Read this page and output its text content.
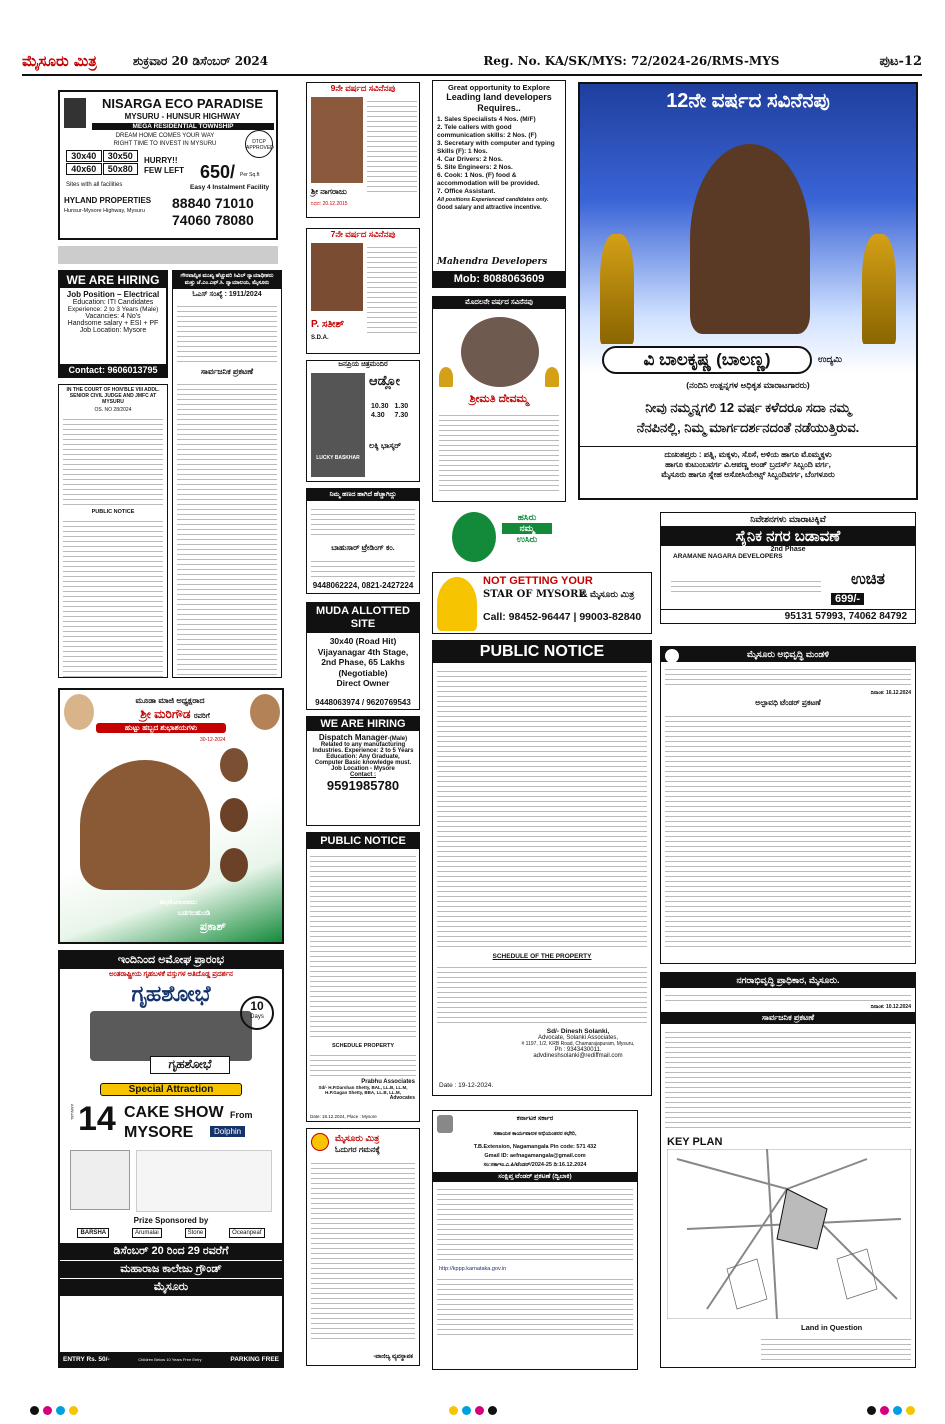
ಮೈಸೂರು ಮಿತ್ರ	ಶುಕ್ರವಾರ 20 ಡಿಸೆಂಬರ್ 2024	Reg. No. KA/SK/MYS: 72/2024-26/RMS-MYS	ಪುಟ-12
NISARGA ECO PARADISE
MYSURU - HUNSUR HIGHWAY
MEGA RESIDENTIAL TOWNSHIP
DREAM HOME COMES YOUR WAY
RIGHT TIME TO INVEST IN MYSURU	DTCP APPROVED
30x40	30x50
40x60	50x80
Sites with all facilities
HURRY!! FEW LEFT 650/ Per Sq.ft
Easy 4 Instalment Facility
HYLAND PROPERTIES
Hunsur-Mysore Highway, Mysuru 88840 71010
74060 78080
WE ARE HIRING
Job Position – Electrical
Education: ITI Candidates
Experience: 2 to 3 Years (Male)
Vacancies: 4 No's
Handsome salary + ESI + PF
Job Location: Mysore
Contact: 9606013795
IN THE COURT OF HON'BLE VIII ADDL. SENIOR CIVIL JUDGE AND JMFC AT MYSURU
OS. NO 28/2024
PUBLIC NOTICE
ಗೌರವಾನ್ವಿತ ಮುಖ್ಯ ಹೆಚ್ಚುವರಿ ಸಿವಿಲ್ ನ್ಯಾಯಾಧೀಶರು ಮತ್ತು ಜೆ.ಎಂ.ಎಫ್.ಸಿ. ನ್ಯಾಯಾಲಯ, ಮೈಸೂರು
ಓಎಸ್ ಸಂಖ್ಯೆ : 1911/2024
ಸಾರ್ವಜನಿಕ ಪ್ರಕಟಣೆ
ಮೂಡಾ ಮಾಜಿ ಅಧ್ಯಕ್ಷರಾದ
ಶ್ರೀ ಮರಿಗೌಡ ರವರಿಗೆ
ಹುಟ್ಟು ಹಬ್ಬದ ಶುಭಾಶಯಗಳು
30-12-2024
ಶುಭಕೋರುವವರು:
ಬಡಗಲಹುಂಡಿ
ಪ್ರಕಾಶ್
ಇಂದಿನಿಂದ ಅಮೋಘ ಪ್ರಾರಂಭ
ಅಂತರಾಷ್ಟ್ರೀಯ ಗೃಹಬಳಕೆ ವಸ್ತುಗಳ ಅತಿದೊಡ್ಡ ಪ್ರದರ್ಶನ
ಗೃಹಶೋಭೆ	10
Days
ಗೃಹಶೋಭೆ
Special Attraction
14
ANNUAL	CAKE SHOW From
MYSORE	Dolphin
Prize Sponsored by
BARSHA	Arumalai	Stone	Oceanpeaf
ಡಿಸೆಂಬರ್ 20 ರಿಂದ 29 ರವರೆಗೆ
ಮಹಾರಾಜ ಕಾಲೇಜು ಗ್ರೌಂಡ್
ಮೈಸೂರು
ENTRY Rs. 50/-	Children Below 10 Years Free Entry	PARKING FREE
9ನೇ ವರ್ಷದ ಸವಿನೆನಪು
ಶ್ರೀ ನಾಗರಾಜು
ನಿಧನ: 20.12.2015
7ನೇ ವರ್ಷದ ಸವಿನೆನಪು
P. ಸತೀಶ್
S.D.A.
ಜನಪ್ರಿಯ ಚಿತ್ರಮಂದಿರ
LUCKY BASKHAR
ಆಡ್ಲೋ
10.30 1.30
4.30	7.30
ಲಕ್ಕಿ ಭಾಸ್ಕರ್
ನಿಮ್ಮ ಹಣದ ಹಾಗಿದೆ ಹೆಚ್ಚಾಗಿದ್ದು
ಬಾಹುಸಾರ್ ಟ್ರೇಡಿಂಗ್ ಕಂ.
9448062224, 0821-2427224
MUDA ALLOTTED SITE
30x40 (Road Hit)
Vijayanagar 4th Stage,
2nd Phase, 65 Lakhs
(Negotiable)
Direct Owner
9448063974 / 9620769543
WE ARE HIRING
Dispatch Manager-(Male)
Related to any manufacturing
Industries. Experience: 2 to 5 Years
Education: Any Graduate,
Computer Basic knowledge must.
Job Location - Mysore
Contact :
9591985780
PUBLIC NOTICE
SCHEDULE PROPERTY
Prabhu Associates
Sd/- H.P.Darshan Shetty, BAL, LL.B, LL.M,
H.P.Gagan Shetty, BBA, LL.B, LL.M,
Advocates
Date: 18.12.2024, Place : Mysore
ಮೈಸೂರು ಮಿತ್ರ
ಓದುಗರ ಗಮನಕ್ಕೆ
-ವಾಣಿಜ್ಯ ವ್ಯವಸ್ಥಾಪಕ
Great opportunity to Explore
Leading land developers Requires..
1. Sales Specialists 4 Nos. (M/F)
2. Tele callers with good communication skills: 2 Nos. (F)
3. Secretary with computer and typing Skills (F): 1 Nos.
4. Car Drivers: 2 Nos.
5. Site Engineers: 2 Nos.
6. Cook: 1 Nos. (F) food & accommodation will be provided.
7. Office Assistant.
All positions Experienced candidates only.
Good salary and attractive incentive.
Mahendra Developers
Mob: 8088063609
ಮೊದಲನೇ ವರ್ಷದ ಸವಿನೆನಪು
ಶ್ರೀಮತಿ ದೇವಮ್ಮ
ಹಸಿರು
ನಮ್ಮ
ಉಸಿರು
NOT GETTING YOUR
STAR OF MYSORE
& ಮೈಸೂರು ಮಿತ್ರ
Call: 98452-96447 | 99003-82840
PUBLIC NOTICE
SCHEDULE OF THE PROPERTY
Sd/- Dinesh Solanki,
Advocate, Solanki Associates,
# 1197, 1/2, KRB Road, Chamarajapuram, Mysuru,
Ph : 9343430011.
advdineshsolanki@rediffmail.com
Date : 19-12-2024.
ಕರ್ನಾಟಕ ಸರ್ಕಾರ
ಸಹಾಯಕ ಕಾರ್ಯಪಾಲಕ ಅಭಿಯಂತರರ ಕಛೇರಿ,
T.B.Extension, Nagamangala Pin code: 571 432
Gmail ID: aefnagamangala@gmail.com
ಸಂ:ಸಕಾಇಂ.ಎ.ಪಿ/ಟೆಂಡರ್/2024-25 ದಿ:16.12.2024
ಸಂಕ್ಷಿಪ್ತ ಟೆಂಡರ್ ಪ್ರಕಟಣೆ (ದ್ವಿಬಾಕಿ)
http://kppp.karnataka.gov.in
12ನೇ ವರ್ಷದ ಸವಿನೆನಪು
ವಿ ಬಾಲಕೃಷ್ಣ (ಬಾಲಣ್ಣ)	ಉದ್ಯಮಿ
(ನಂದಿನಿ ಉತ್ಪನ್ನಗಳ ಅಧಿಕೃತ ಮಾರಾಟಗಾರರು)
ನೀವು ನಮ್ಮನ್ನಗಲಿ 12 ವರ್ಷ ಕಳೆದರೂ ಸದಾ ನಮ್ಮ
ನೆನಪಿನಲ್ಲಿ, ನಿಮ್ಮ ಮಾರ್ಗದರ್ಶನದಂತೆ ನಡೆಯುತ್ತಿರುವ.
ದುಃಖತಪ್ತರು : ಪತ್ನಿ, ಮಕ್ಕಳು, ಸೊಸೆ, ಅಳಿಯ ಹಾಗೂ ಮೊಮ್ಮಕ್ಕಳು
ಹಾಗೂ ಕುಟುಂಬವರ್ಗ ವಿ.ಆಪಣ್ಣ ಅಂಡ್ ಬ್ರದರ್ಸ್ ಸಿಬ್ಬಂದಿ ವರ್ಗ,
ಮೈಸೂರು ಹಾಗೂ ಸ್ನೇಹ ಅಸೋಸಿಯೇಟ್ಸ್ ಸಿಬ್ಬಂದಿವರ್ಗ, ಬೆಂಗಳೂರು
ನಿವೇಶನಗಳು ಮಾರಾಟಕ್ಕಿವೆ
ಸೈನಿಕ ನಗರ ಬಡಾವಣೆ
2nd Phase
ARAMANE NAGARA DEVELOPERS
ಉಚಿತ
699/-
95131 57993, 74062 84792
ಮೈಸೂರು ಅಭಿವೃದ್ಧಿ ಮಂಡಳಿ
ದಿನಾಂಕ: 16.12.2024
ಅಲ್ಪಾವಧಿ ಟೆಂಡರ್ ಪ್ರಕಟಣೆ
ನಗರಾಭಿವೃದ್ಧಿ ಪ್ರಾಧಿಕಾರ, ಮೈಸೂರು.
ದಿನಾಂಕ: 10.12.2024
ಸಾರ್ವಜನಿಕ ಪ್ರಕಟಣೆ
KEY PLAN
Land in Question
